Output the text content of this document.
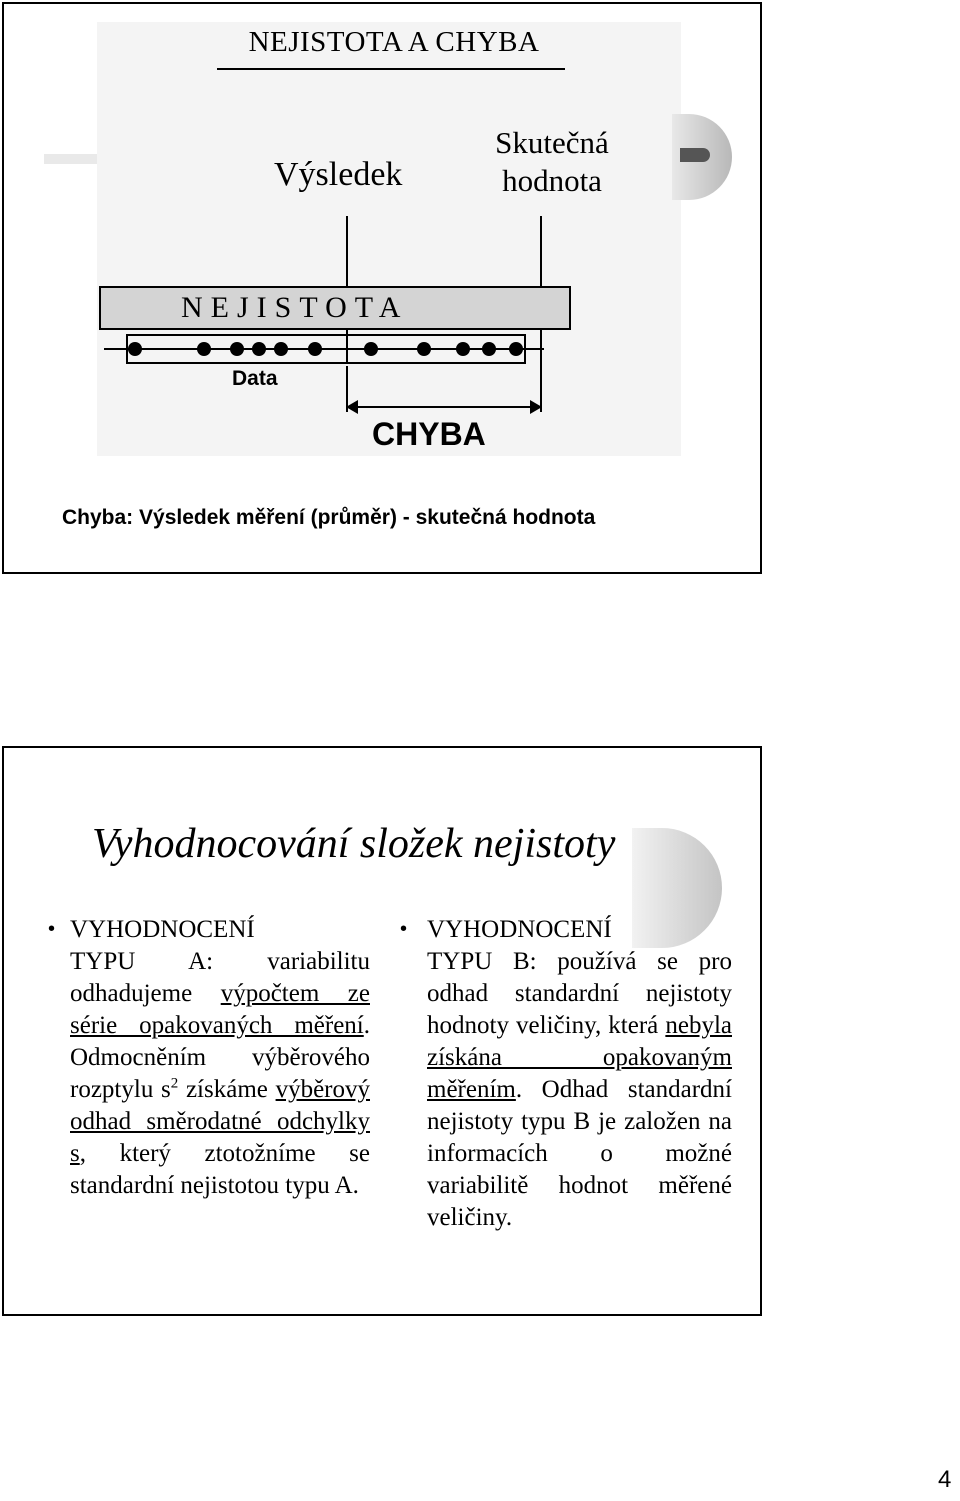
NEJISTOTA A CHYBA
Výsledek
Skutečná
hodnota
NEJISTOTA
Data
CHYBA
Chyba: Výsledek měření (průměr) - skutečná hodnota
Vyhodnocování složek nejistoty
• VYHODNOCENÍ
TYPU A: variabilitu odhadujeme výpočtem ze série opakovaných měření. Odmocněním výběrového rozptylu $s^2$ získáme výběrový odhad směrodatné odchylky s, který ztotožníme se standardní nejistotou typu A.
• VYHODNOCENÍ
TYPU B: používá se pro odhad standardní nejistoty hodnoty veličiny, která nebyla získána opakovaným měřením. Odhad standardní nejistoty typu B je založen na informacích o možné variabilitě hodnot měřené veličiny.
4
